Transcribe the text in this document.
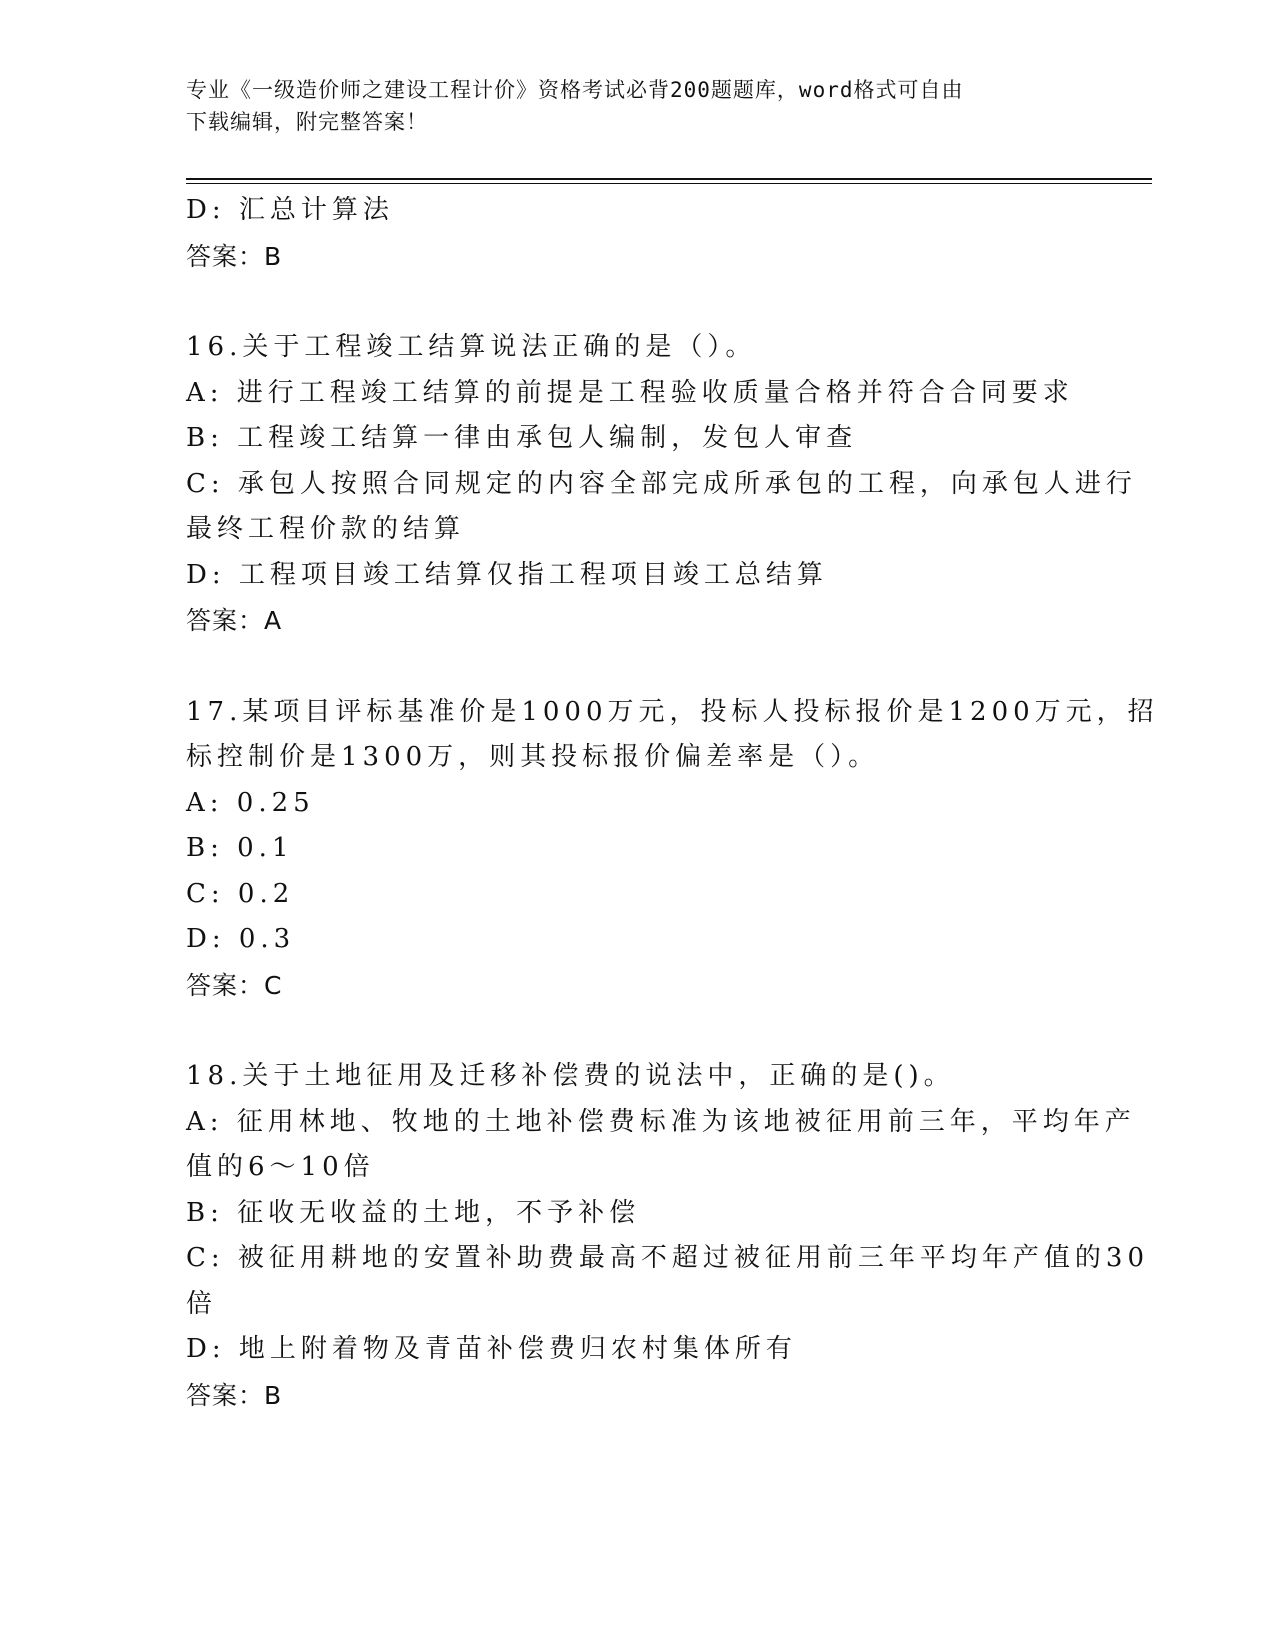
专业《一级造价师之建设工程计价》资格考试必背200题题库，word格式可自由
下载编辑，附完整答案！
D: 汇总计算法
答案：B
16.关于工程竣工结算说法正确的是（）。
A: 进行工程竣工结算的前提是工程验收质量合格并符合合同要求
B: 工程竣工结算一律由承包人编制，发包人审查
C: 承包人按照合同规定的内容全部完成所承包的工程，向承包人进行
最终工程价款的结算
D: 工程项目竣工结算仅指工程项目竣工总结算
答案：A
17.某项目评标基准价是1000万元，投标人投标报价是1200万元，招
标控制价是1300万，则其投标报价偏差率是（）。
A: 0.25
B: 0.1
C: 0.2
D: 0.3
答案：C
18.关于土地征用及迁移补偿费的说法中，正确的是()。
A: 征用林地、牧地的土地补偿费标准为该地被征用前三年，平均年产
值的6～10倍
B: 征收无收益的土地，不予补偿
C: 被征用耕地的安置补助费最高不超过被征用前三年平均年产值的30
倍
D: 地上附着物及青苗补偿费归农村集体所有
答案：B
